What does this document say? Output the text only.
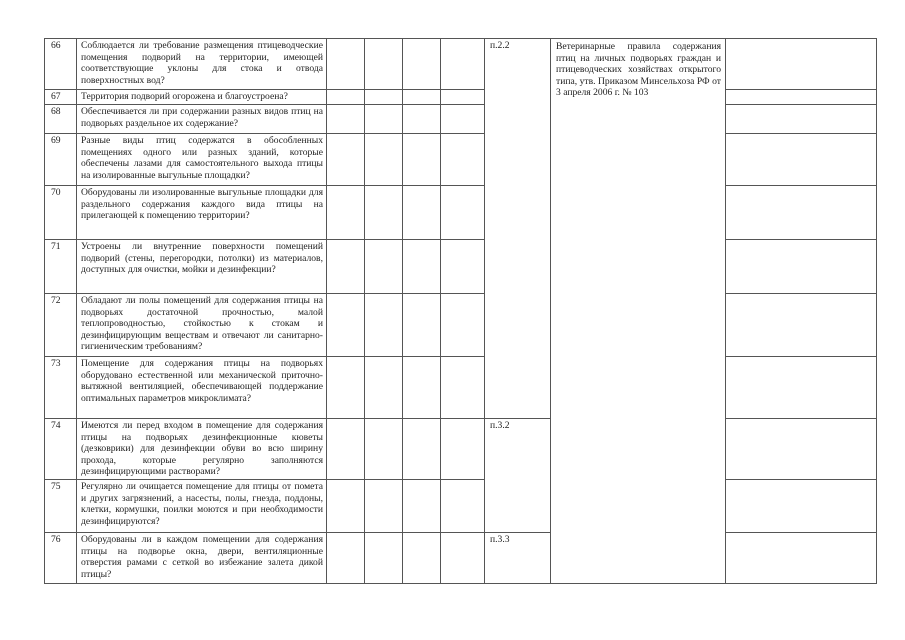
66	Соблюдается ли требование размещения птицеводческие помещения подворий на территории, имеющей соответствующие уклоны для стока и отвода поверхностных вод?					п.2.2	Ветеринарные правила содержания птиц на личных подворьях граждан и птицеводческих хозяйствах открытого типа, утв. Приказом Минсельхоза РФ от 3 апреля 2006 г. № 103	
67	Территория подворий огорожена и благоустроена?							
68	Обеспечивается ли при содержании разных видов птиц на подворьях раздельное их содержание?							
69	Разные виды птиц содержатся в обособленных помещениях одного или разных зданий, которые обеспечены лазами для самостоятельного выхода птицы на изолированные выгульные площадки?							
70	Оборудованы ли изолированные выгульные площадки для раздельного содержания каждого вида птицы на прилегающей к помещению территории?							
71	Устроены ли внутренние поверхности помещений подворий (стены, перегородки, потолки) из материалов, доступных для очистки, мойки и дезинфекции?							
72	Обладают ли полы помещений для содержания птицы на подворьях достаточной прочностью, малой теплопроводностью, стойкостью к стокам и дезинфицирующим веществам и отвечают ли санитарно- гигиеническим требованиям?							
73	Помещение для содержания птицы на подворьях оборудовано естественной или механической приточно-вытяжной вентиляцией, обеспечивающей поддержание оптимальных параметров микроклимата?							
74	Имеются ли перед входом в помещение для содержания птицы на подворьях дезинфекционные кюветы (дезковрики) для дезинфекции обуви во всю ширину прохода, которые регулярно заполняются дезинфицирующими растворами?					п.3.2		
75	Регулярно ли очищается помещение для птицы от помета и других загрязнений, а насесты, полы, гнезда, поддоны, клетки, кормушки, поилки моются и при необходимости дезинфицируются?							
76	Оборудованы ли в каждом помещении для содержания птицы на подворье окна, двери, вентиляционные отверстия рамами с сеткой во избежание залета дикой птицы?					п.3.3		
